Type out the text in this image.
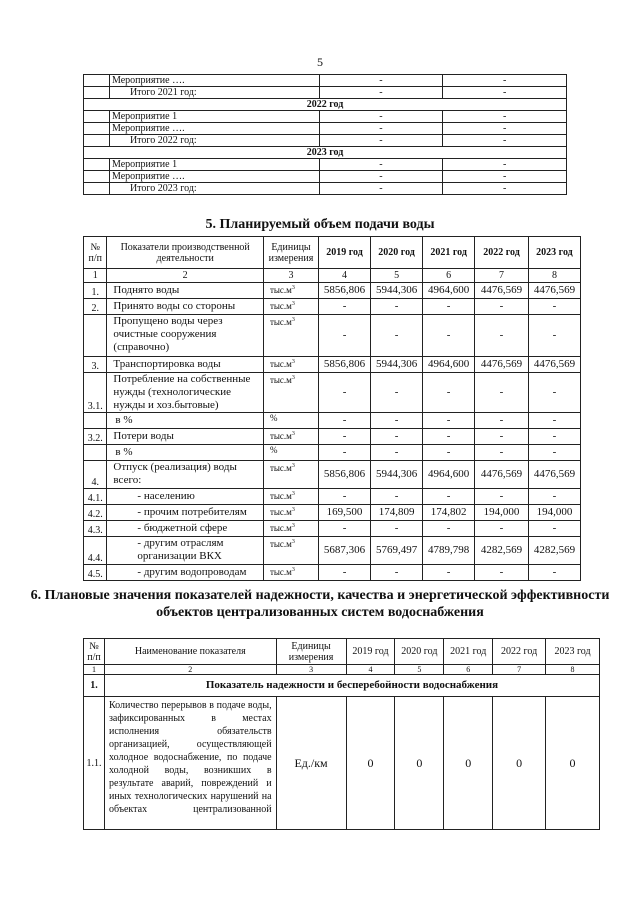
5
	Мероприятие ….	-	-
	Итого 2021 год:	-	-
2022 год			
	Мероприятие 1	-	-
	Мероприятие ….	-	-
	Итого 2022 год:	-	-
2023 год			
	Мероприятие 1	-	-
	Мероприятие ….	-	-
	Итого 2023 год:	-	-
5. Планируемый объем подачи воды
№ п/п	Показатели производственной деятельности	Единицы измерения	2019 год	2020 год	2021 год	2022 год	2023 год
1	2	3	4	5	6	7	8
1.	Поднято воды	$тыс.м^3$	5856,806	5944,306	4964,600	4476,569	4476,569
2.	Принято воды со стороны	$тыс.м^3$	-	-	-	-	-
	Пропущено воды через очистные сооружения (справочно)	$тыс.м^3$	-	-	-	-	-
3.	Транспортировка воды	$тыс.м^3$	5856,806	5944,306	4964,600	4476,569	4476,569
3.1.	Потребление на собственные нужды (технологические нужды и хоз.бытовые)	$тыс.м^3$	-	-	-	-	-
	в %	%	-	-	-	-	-
3.2.	Потери воды	$тыс.м^3$	-	-	-	-	-
	в %	%	-	-	-	-	-
4.	Отпуск (реализация) воды всего:	$тыс.м^3$	5856,806	5944,306	4964,600	4476,569	4476,569
4.1.	- населению	$тыс.м^3$	-	-	-	-	-
4.2.	- прочим потребителям	$тыс.м^3$	169,500	174,809	174,802	194,000	194,000
4.3.	- бюджетной сфере	$тыс.м^3$	-	-	-	-	-
4.4.	- другим отраслям организации ВКХ	$тыс.м^3$	5687,306	5769,497	4789,798	4282,569	4282,569
4.5.	- другим водопроводам	$тыс.м^3$	-	-	-	-	-
6. Плановые значения показателей надежности, качества и энергетической эффективности объектов централизованных систем водоснабжения
№ п/п	Наименование показателя	Единицы измерения	2019 год	2020 год	2021 год	2022 год	2023 год
1	2	3	4	5	6	7	8
1.	Показатель надежности и бесперебойности водоснабжения						
1.1.	Количество перерывов в подаче воды, зафиксированных в местах исполнения обязательств организацией, осуществляющей холодное водоснабжение, по подаче холодной воды, возникших в результате аварий, повреждений и иных технологических нарушений на объектах централизованной	Ед./км	0	0	0	0	0
